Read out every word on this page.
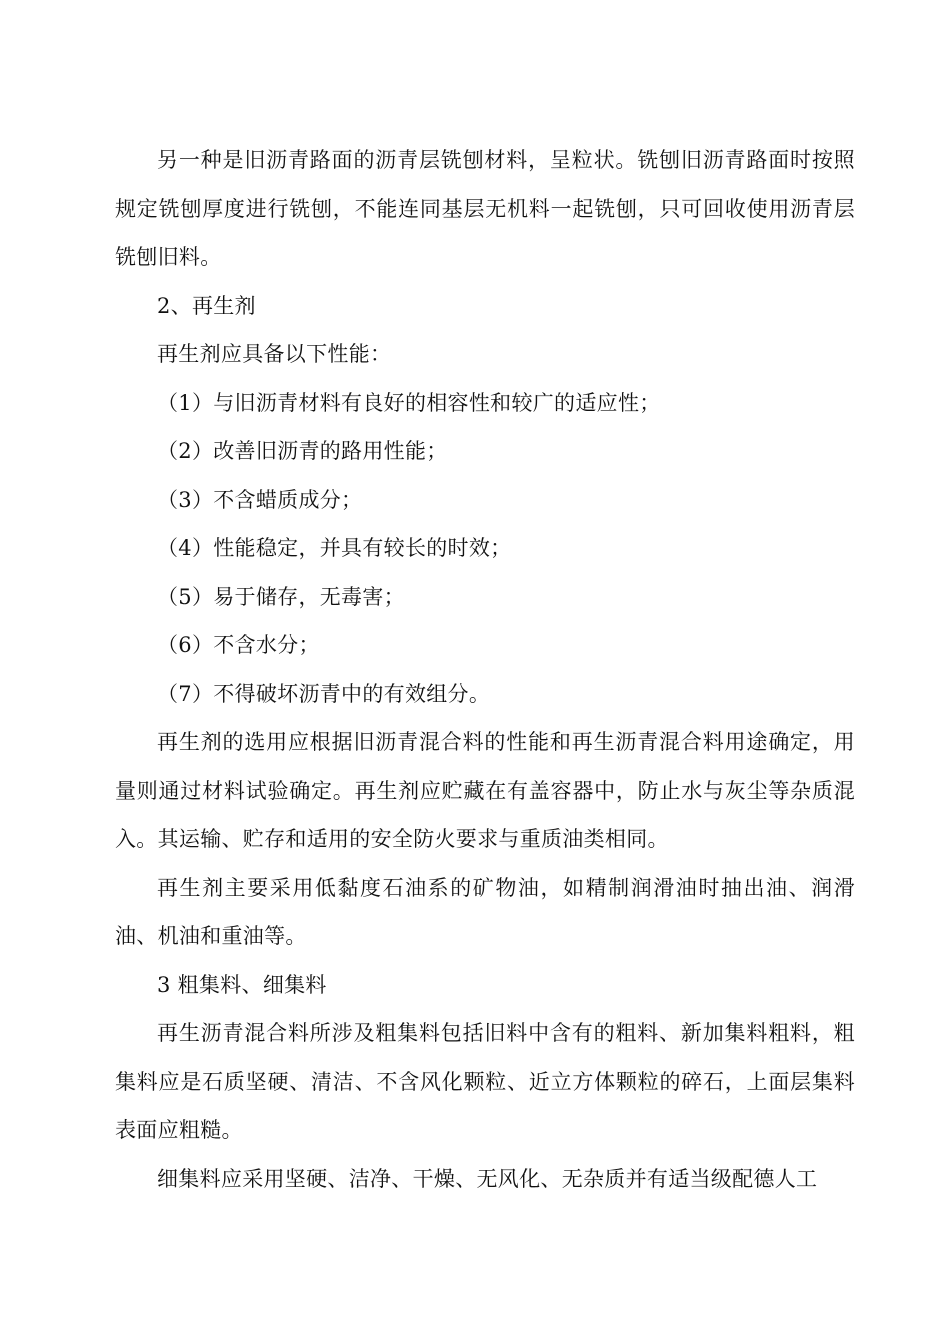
另一种是旧沥青路面的沥青层铣刨材料，呈粒状。铣刨旧沥青路面时按照规定铣刨厚度进行铣刨，不能连同基层无机料一起铣刨，只可回收使用沥青层铣刨旧料。

2、再生剂

再生剂应具备以下性能：

（1）与旧沥青材料有良好的相容性和较广的适应性；

（2）改善旧沥青的路用性能；

（3）不含蜡质成分；

（4）性能稳定，并具有较长的时效；

（5）易于储存，无毒害；

（6）不含水分；

（7）不得破坏沥青中的有效组分。

再生剂的选用应根据旧沥青混合料的性能和再生沥青混合料用途确定，用量则通过材料试验确定。再生剂应贮藏在有盖容器中，防止水与灰尘等杂质混入。其运输、贮存和适用的安全防火要求与重质油类相同。

再生剂主要采用低黏度石油系的矿物油，如精制润滑油时抽出油、润滑油、机油和重油等。

3 粗集料、细集料

再生沥青混合料所涉及粗集料包括旧料中含有的粗料、新加集料粗料，粗集料应是石质坚硬、清洁、不含风化颗粒、近立方体颗粒的碎石，上面层集料表面应粗糙。

细集料应采用坚硬、洁净、干燥、无风化、无杂质并有适当级配德人工
